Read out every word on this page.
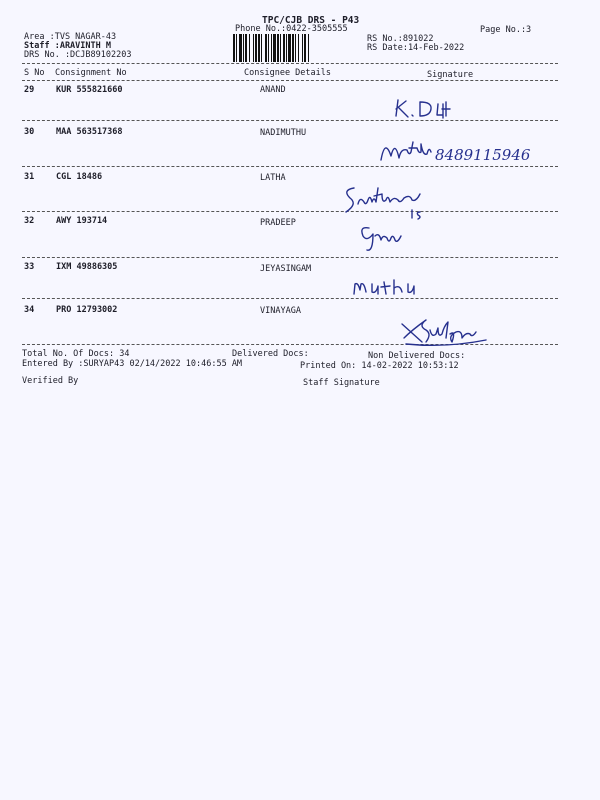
TPC/CJB DRS - P43
Phone No.:0422-3505555	Page No.:3
Area :TVS NAGAR-43
Staff :ARAVINTH M
DRS No. :DCJB89102203
RS No.:891022
RS Date:14-Feb-2022
S No Consignment No	Consignee Details	Signature
29	KUR 555821660	ANAND
30	MAA 563517368	NADIMUTHU
31	CGL 18486	LATHA
32	AWY 193714	PRADEEP
33	IXM 49886305	JEYASINGAM
34	PRO 12793002	VINAYAGA
8489115946
Total No. Of Docs: 34	Delivered Docs:	Non Delivered Docs:
Entered By :SURYAP43 02/14/2022 10:46:55 AM	Printed On: 14-02-2022 10:53:12
Verified By	Staff Signature
